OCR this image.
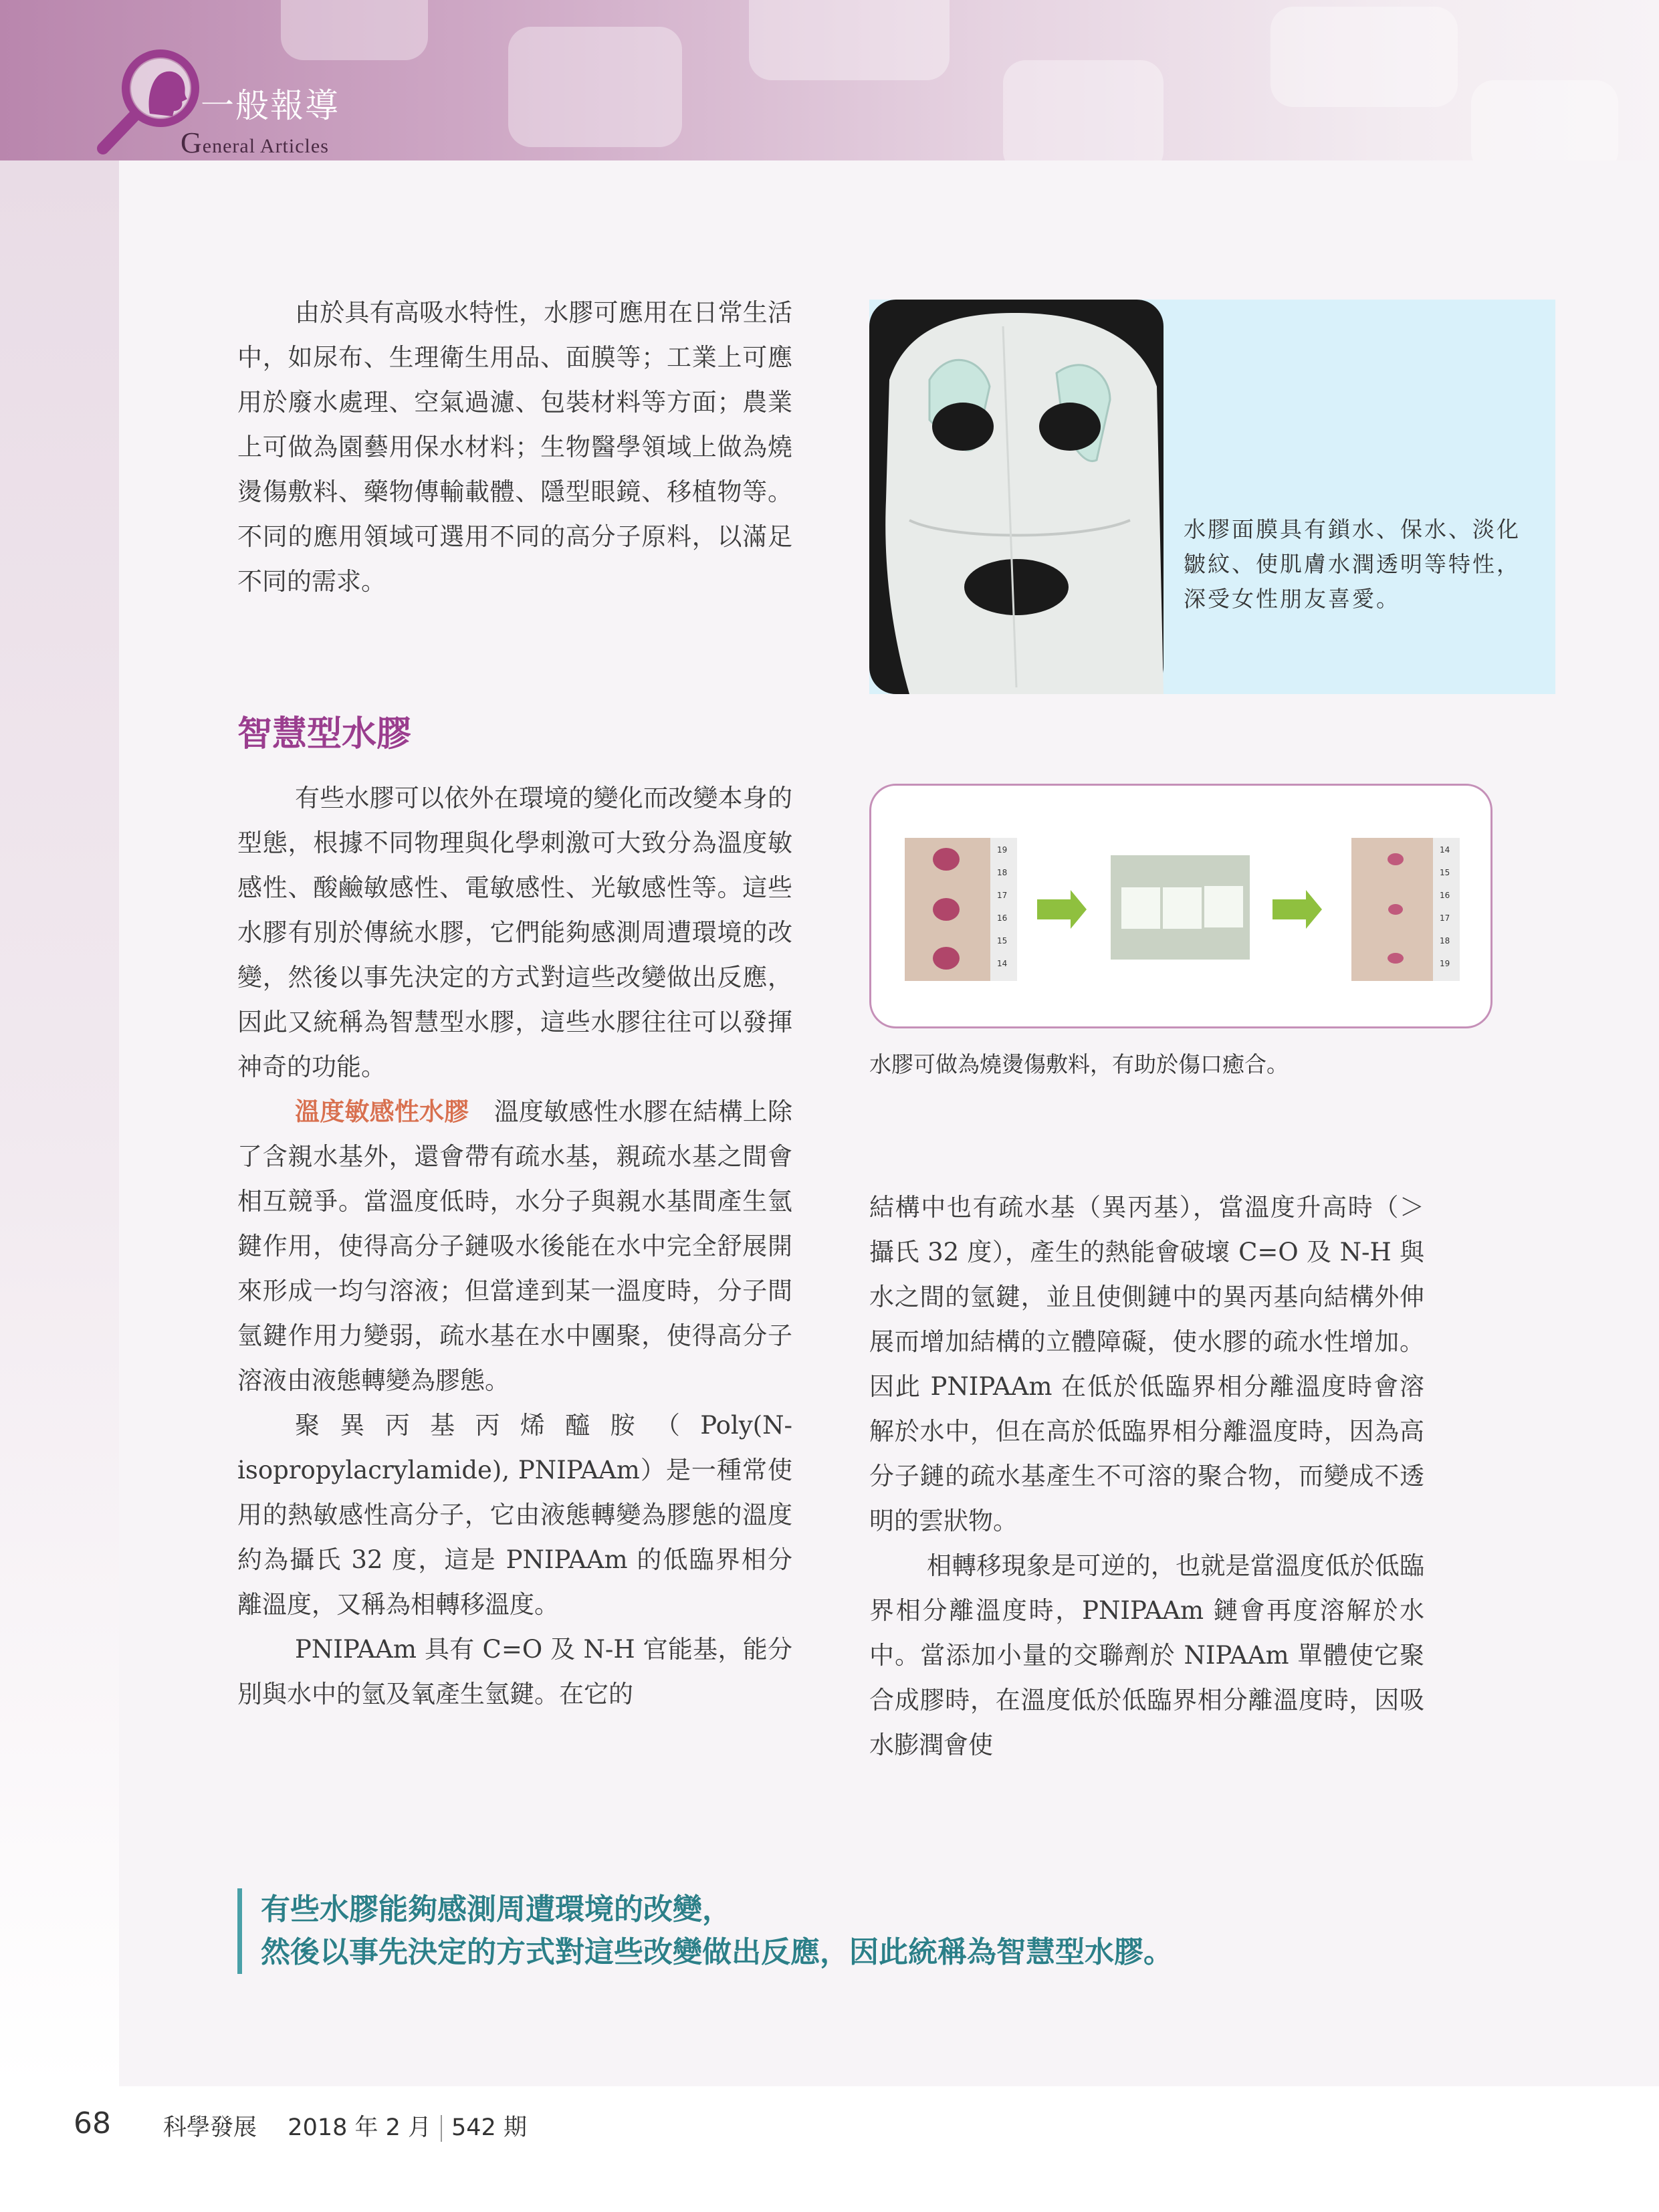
一般報導
General Articles

由於具有高吸水特性，水膠可應用在日常生活中，如尿布、生理衛生用品、面膜等；工業上可應用於廢水處理、空氣過濾、包裝材料等方面；農業上可做為園藝用保水材料；生物醫學領域上做為燒燙傷敷料、藥物傳輸載體、隱型眼鏡、移植物等。不同的應用領域可選用不同的高分子原料，以滿足不同的需求。

智慧型水膠

有些水膠可以依外在環境的變化而改變本身的型態，根據不同物理與化學刺激可大致分為溫度敏感性、酸鹼敏感性、電敏感性、光敏感性等。這些水膠有別於傳統水膠，它們能夠感測周遭環境的改變，然後以事先決定的方式對這些改變做出反應，因此又統稱為智慧型水膠，這些水膠往往可以發揮神奇的功能。

溫度敏感性水膠　 溫度敏感性水膠在結構上除了含親水基外，還會帶有疏水基，親疏水基之間會相互競爭。當溫度低時，水分子與親水基間產生氫鍵作用，使得高分子鏈吸水後能在水中完全舒展開來形成一均勻溶液；但當達到某一溫度時，分子間氫鍵作用力變弱，疏水基在水中團聚，使得高分子溶液由液態轉變為膠態。

聚異丙基丙烯醯胺（Poly(N-isopropylacrylamide), PNIPAAm）是一種常使用的熱敏感性高分子，它由液態轉變為膠態的溫度約為攝氏 32 度，這是 PNIPAAm 的低臨界相分離溫度，又稱為相轉移溫度。

PNIPAAm 具有 C=O 及 N-H 官能基，能分別與水中的氫及氧產生氫鍵。在它的

結構中也有疏水基（異丙基），當溫度升高時（＞攝氏 32 度），產生的熱能會破壞 C=O 及 N-H 與水之間的氫鍵，並且使側鏈中的異丙基向結構外伸展而增加結構的立體障礙，使水膠的疏水性增加。因此 PNIPAAm 在低於低臨界相分離溫度時會溶解於水中，但在高於低臨界相分離溫度時，因為高分子鏈的疏水基產生不可溶的聚合物，而變成不透明的雲狀物。

相轉移現象是可逆的，也就是當溫度低於低臨界相分離溫度時，PNIPAAm 鏈會再度溶解於水中。當添加小量的交聯劑於 NIPAAm 單體使它聚合成膠時，在溫度低於低臨界相分離溫度時，因吸水膨潤會使

水膠面膜具有鎖水、保水、淡化皺紋、使肌膚水潤透明等特性，深受女性朋友喜愛。
19
18
17
16
15
14
14
15
16
17
18
19
水膠可做為燒燙傷敷料，有助於傷口癒合。
有些水膠能夠感測周遭環境的改變，
然後以事先決定的方式對這些改變做出反應，因此統稱為智慧型水膠。
68 科學發展 2018 年 2 月 542 期
